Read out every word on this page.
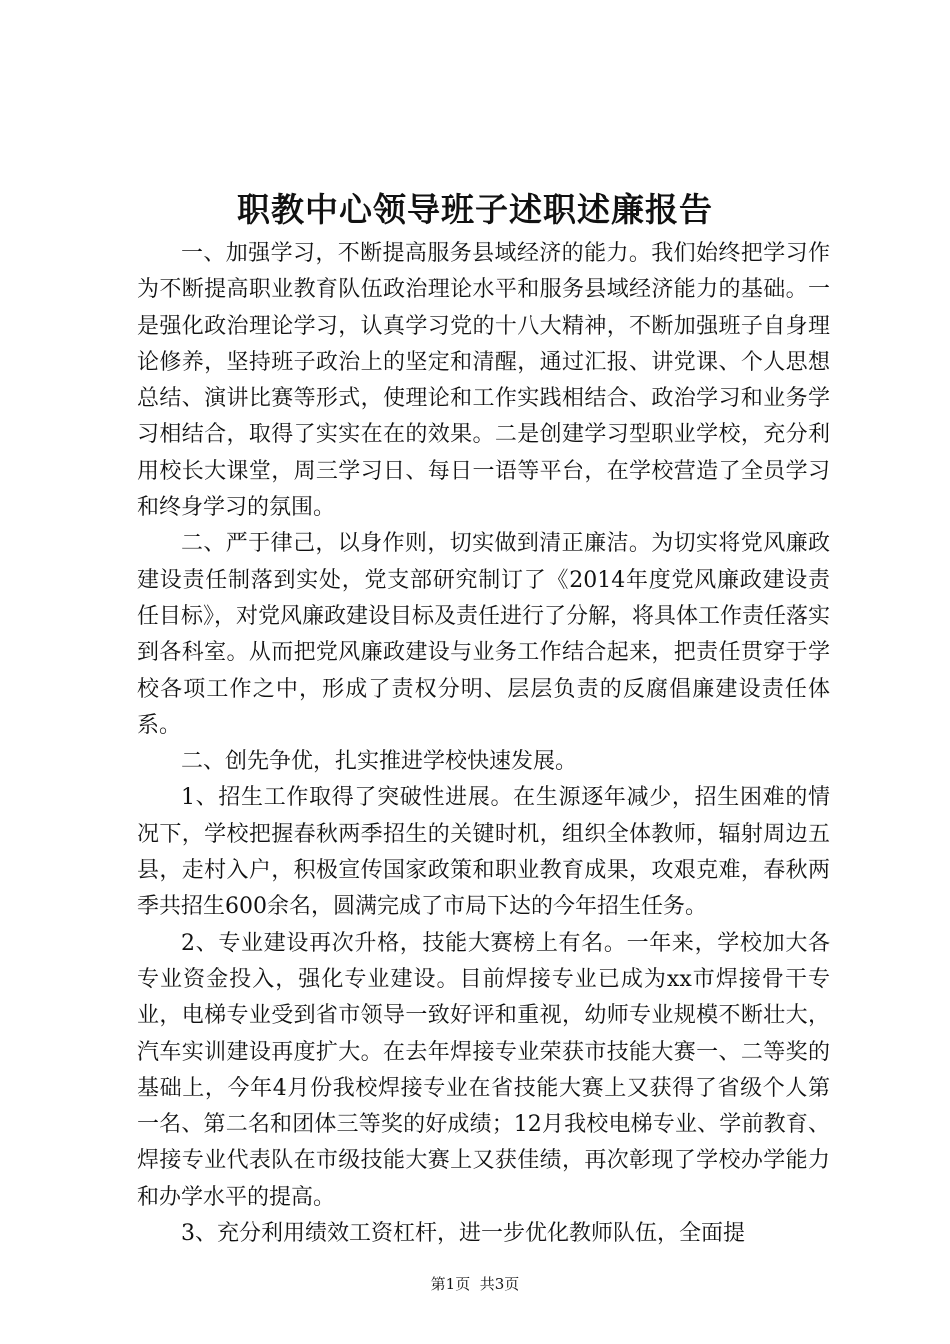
职教中心领导班子述职述廉报告

一、加强学习，不断提高服务县域经济的能力。我们始终把学习作为不断提高职业教育队伍政治理论水平和服务县域经济能力的基础。一是强化政治理论学习，认真学习党的十八大精神，不断加强班子自身理论修养，坚持班子政治上的坚定和清醒，通过汇报、讲党课、个人思想总结、演讲比赛等形式，使理论和工作实践相结合、政治学习和业务学习相结合，取得了实实在在的效果。二是创建学习型职业学校，充分利用校长大课堂，周三学习日、每日一语等平台，在学校营造了全员学习和终身学习的氛围。

二、严于律己，以身作则，切实做到清正廉洁。为切实将党风廉政建设责任制落到实处，党支部研究制订了《2014年度党风廉政建设责任目标》，对党风廉政建设目标及责任进行了分解，将具体工作责任落实到各科室。从而把党风廉政建设与业务工作结合起来，把责任贯穿于学校各项工作之中，形成了责权分明、层层负责的反腐倡廉建设责任体系。

二、创先争优，扎实推进学校快速发展。

1、招生工作取得了突破性进展。在生源逐年减少，招生困难的情况下，学校把握春秋两季招生的关键时机，组织全体教师，辐射周边五县，走村入户，积极宣传国家政策和职业教育成果，攻艰克难，春秋两季共招生600余名，圆满完成了市局下达的今年招生任务。

2、专业建设再次升格，技能大赛榜上有名。一年来，学校加大各专业资金投入，强化专业建设。目前焊接专业已成为xx市焊接骨干专业，电梯专业受到省市领导一致好评和重视，幼师专业规模不断壮大，汽车实训建设再度扩大。在去年焊接专业荣获市技能大赛一、二等奖的基础上，今年4月份我校焊接专业在省技能大赛上又获得了省级个人第一名、第二名和团体三等奖的好成绩；12月我校电梯专业、学前教育、焊接专业代表队在市级技能大赛上又获佳绩，再次彰现了学校办学能力和办学水平的提高。

3、充分利用绩效工资杠杆，进一步优化教师队伍，全面提

第1页 共3页
